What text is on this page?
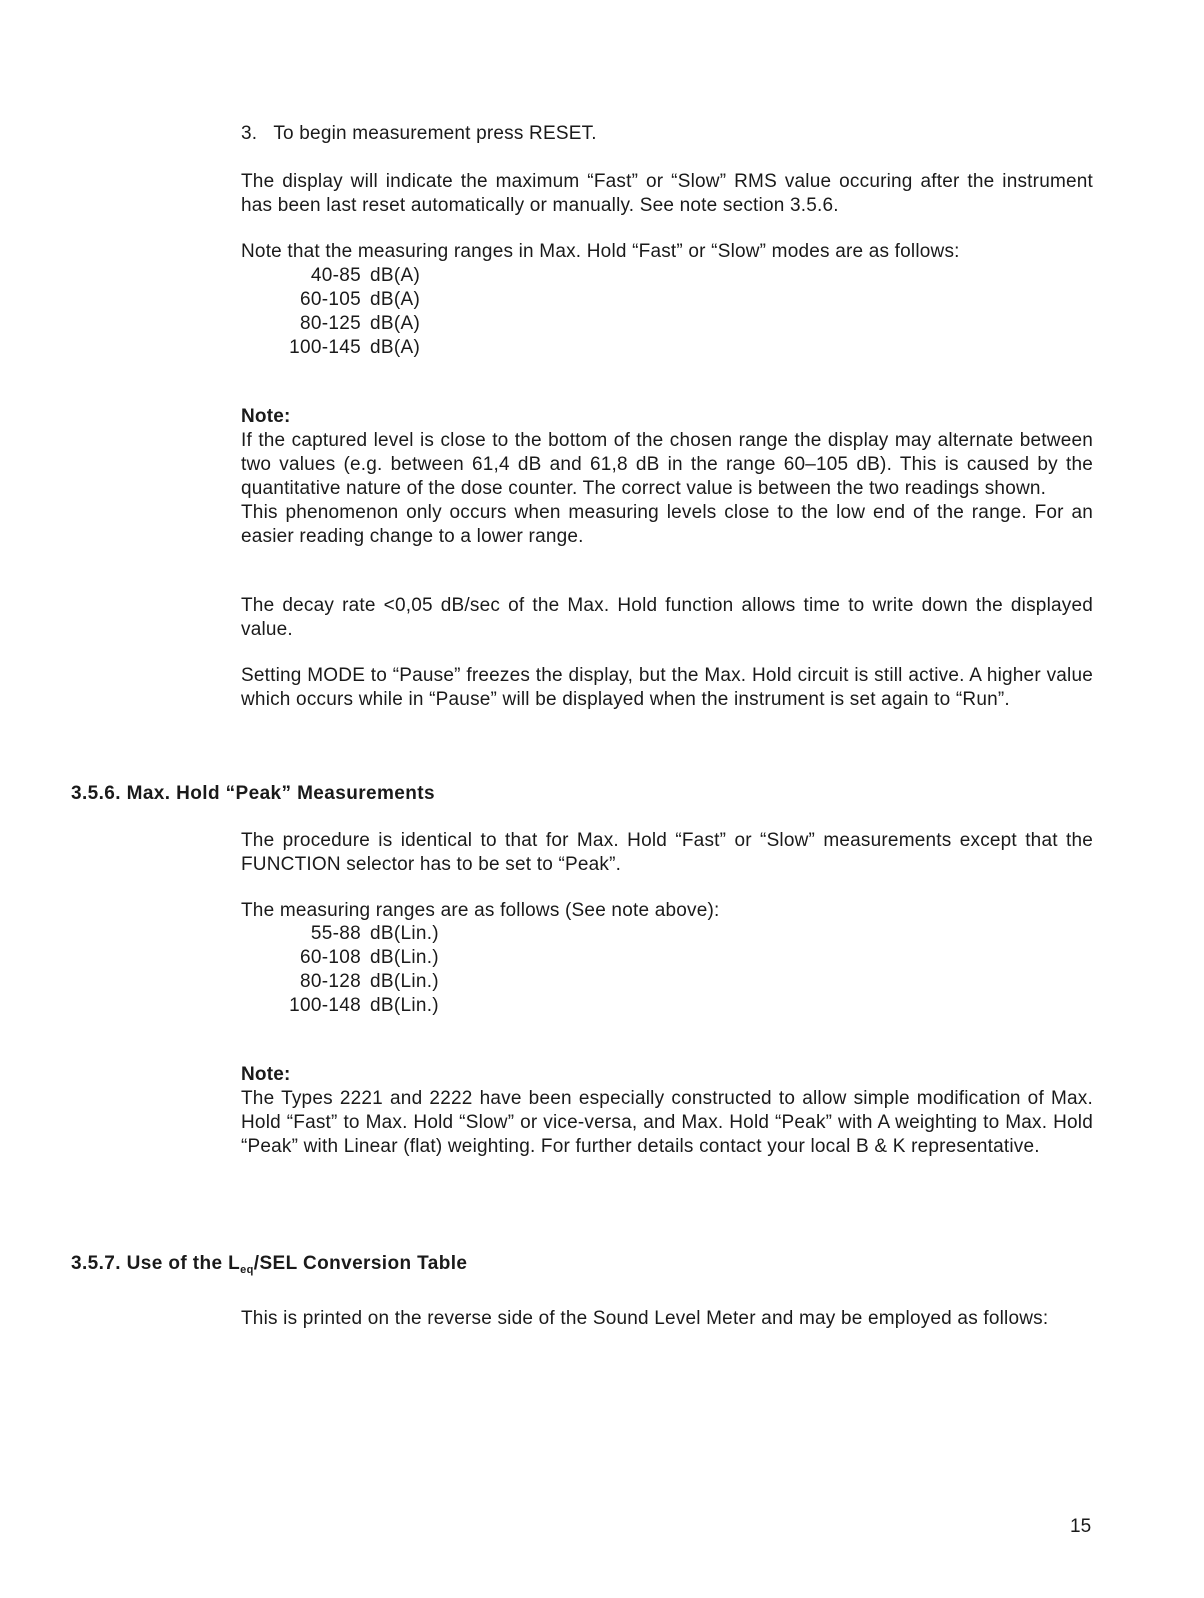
3.   To begin measurement press RESET.
The display will indicate the maximum “Fast” or “Slow” RMS value occuring after the instrument has been last reset automatically or manually. See note section 3.5.6.
Note that the measuring ranges in Max. Hold “Fast” or “Slow” modes are as follows:
40-85 dB(A)
60-105 dB(A)
80-125 dB(A)
100-145 dB(A)
Note:
If the captured level is close to the bottom of the chosen range the display may alternate between two values (e.g. between 61,4 dB and 61,8 dB in the range 60–105 dB). This is caused by the quantitative nature of the dose counter. The correct value is between the two readings shown.
This phenomenon only occurs when measuring levels close to the low end of the range. For an easier reading change to a lower range.
The decay rate <0,05 dB/sec of the Max. Hold function allows time to write down the displayed value.
Setting MODE to “Pause” freezes the display, but the Max. Hold circuit is still active. A higher value which occurs while in “Pause” will be displayed when the instrument is set again to “Run”.
3.5.6. Max. Hold “Peak” Measurements
The procedure is identical to that for Max. Hold “Fast” or “Slow” measurements except that the FUNCTION selector has to be set to “Peak”.
The measuring ranges are as follows (See note above):
55-88 dB(Lin.)
60-108 dB(Lin.)
80-128 dB(Lin.)
100-148 dB(Lin.)
Note:
The Types 2221 and 2222 have been especially constructed to allow simple modification of Max. Hold “Fast” to Max. Hold “Slow” or vice-versa, and Max. Hold “Peak” with A weighting to Max. Hold “Peak” with Linear (flat) weighting. For further details contact your local B & K representative.
3.5.7. Use of the $L_{eq}$/SEL Conversion Table
This is printed on the reverse side of the Sound Level Meter and may be employed as follows:
15
